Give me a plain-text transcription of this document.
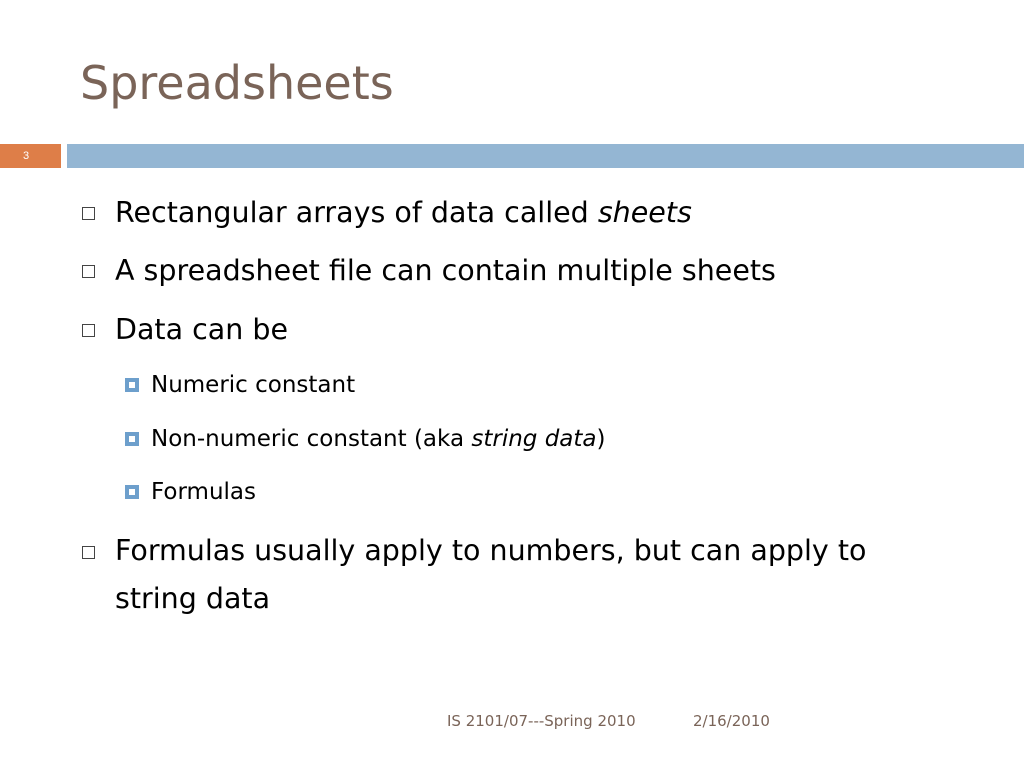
Spreadsheets
3
Rectangular arrays of data called sheets
A spreadsheet file can contain multiple sheets
Data can be
Numeric constant
Non-numeric constant (aka string data)
Formulas
Formulas usually apply to numbers, but can apply to string data
IS 2101/07---Spring 2010	2/16/2010
